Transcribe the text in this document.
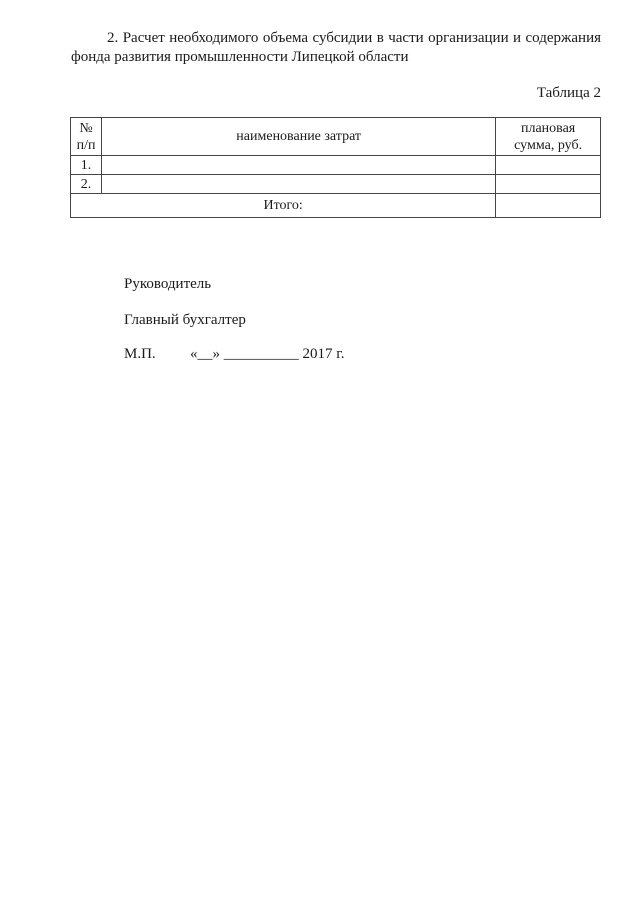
2. Расчет необходимого объема субсидии в части организации и содержания фонда развития промышленности Липецкой области
Таблица 2
№ п/п	наименование затрат	плановая сумма, руб.
1.		
2.		
Итого:		
Руководитель
Главный бухгалтер
М.П. «__» __________ 2017 г.
